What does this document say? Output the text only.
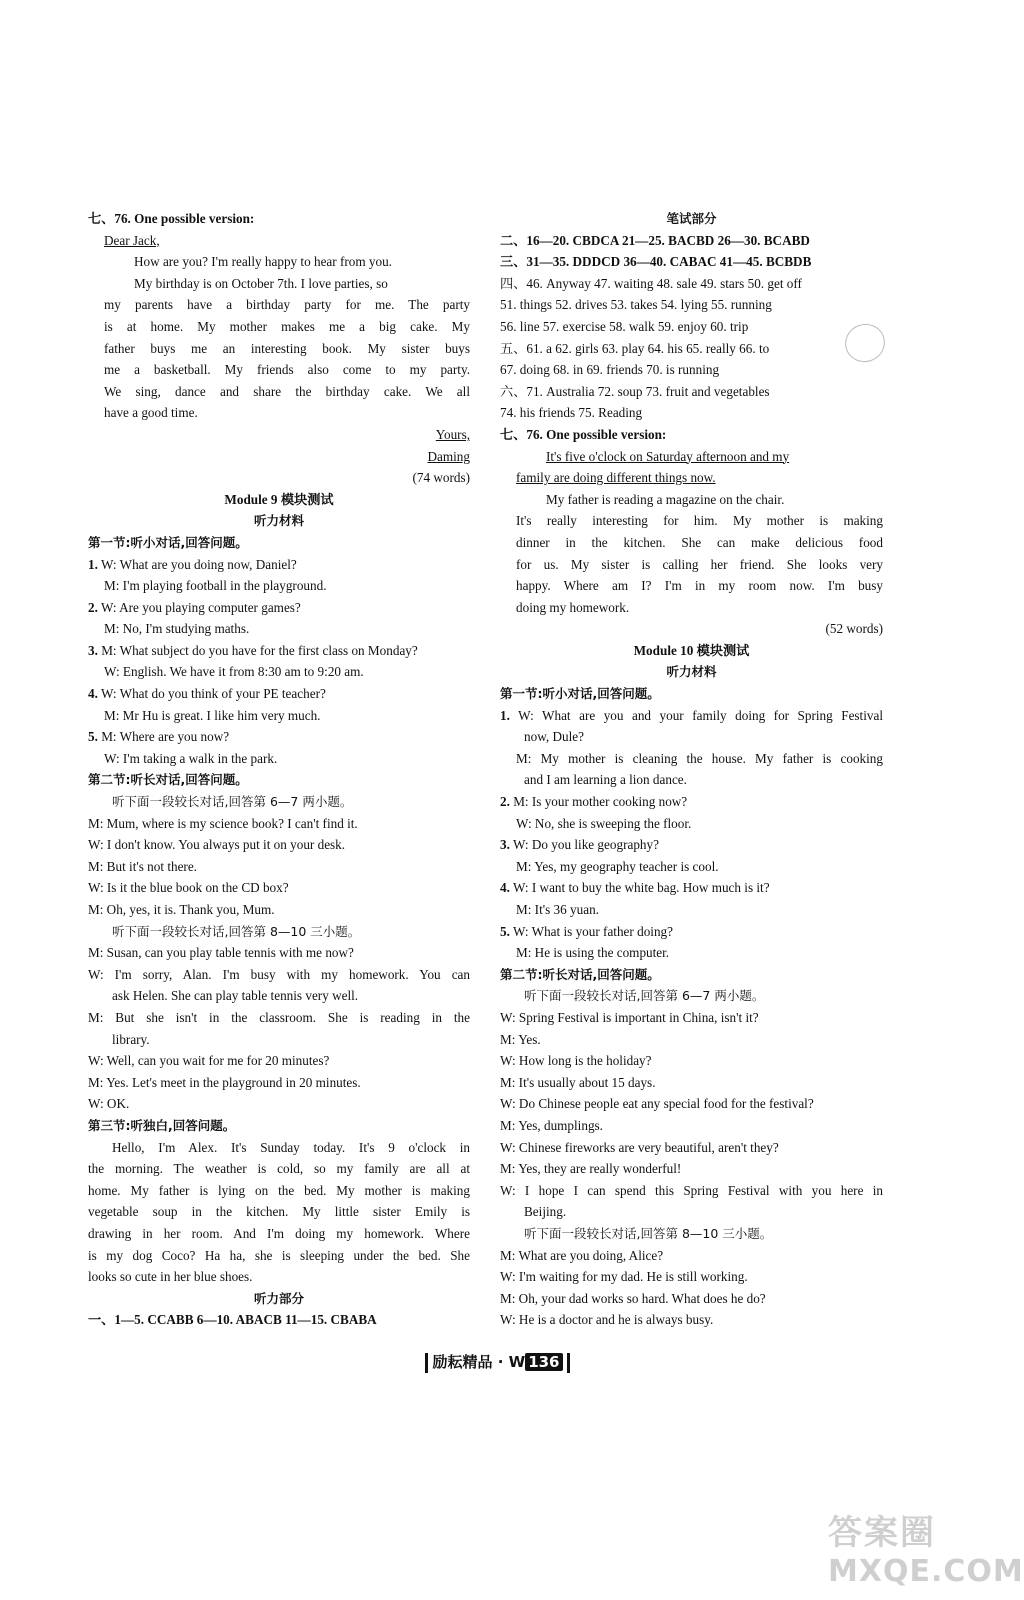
七、76. One possible version:
Dear Jack,
How are you? I'm really happy to hear from you.
My birthday is on October 7th. I love parties, so
my parents have a birthday party for me. The party
is at home. My mother makes me a big cake. My
father buys me an interesting book. My sister buys
me a basketball. My friends also come to my party.
We sing, dance and share the birthday cake. We all
have a good time.
Yours,
Daming
(74 words)
Module 9 模块测试
听力材料
第一节:听小对话,回答问题。
1. W: What are you doing now, Daniel?
M: I'm playing football in the playground.
2. W: Are you playing computer games?
M: No, I'm studying maths.
3. M: What subject do you have for the first class on Monday?
W: English. We have it from 8:30 am to 9:20 am.
4. W: What do you think of your PE teacher?
M: Mr Hu is great. I like him very much.
5. M: Where are you now?
W: I'm taking a walk in the park.
第二节:听长对话,回答问题。
听下面一段较长对话,回答第 6—7 两小题。
M: Mum, where is my science book? I can't find it.
W: I don't know. You always put it on your desk.
M: But it's not there.
W: Is it the blue book on the CD box?
M: Oh, yes, it is. Thank you, Mum.
听下面一段较长对话,回答第 8—10 三小题。
M: Susan, can you play table tennis with me now?
W: I'm sorry, Alan. I'm busy with my homework. You can
ask Helen. She can play table tennis very well.
M: But she isn't in the classroom. She is reading in the
library.
W: Well, can you wait for me for 20 minutes?
M: Yes. Let's meet in the playground in 20 minutes.
W: OK.
第三节:听独白,回答问题。
Hello, I'm Alex. It's Sunday today. It's 9 o'clock in
the morning. The weather is cold, so my family are all at
home. My father is lying on the bed. My mother is making
vegetable soup in the kitchen. My little sister Emily is
drawing in her room. And I'm doing my homework. Where
is my dog Coco? Ha ha, she is sleeping under the bed. She
looks so cute in her blue shoes.
听力部分
一、1—5. CCABB 6—10. ABACB 11—15. CBABA
笔试部分
二、16—20. CBDCA 21—25. BACBD 26—30. BCABD
三、31—35. DDDCD 36—40. CABAC 41—45. BCBDB
四、46. Anyway 47. waiting 48. sale 49. stars 50. get off
51. things 52. drives 53. takes 54. lying 55. running
56. line 57. exercise 58. walk 59. enjoy 60. trip
五、61. a 62. girls 63. play 64. his 65. really 66. to
67. doing 68. in 69. friends 70. is running
六、71. Australia 72. soup 73. fruit and vegetables
74. his friends 75. Reading
七、76. One possible version:
It's five o'clock on Saturday afternoon and my
family are doing different things now.
My father is reading a magazine on the chair.
It's really interesting for him. My mother is making
dinner in the kitchen. She can make delicious food
for us. My sister is calling her friend. She looks very
happy. Where am I? I'm in my room now. I'm busy
doing my homework.
(52 words)
Module 10 模块测试
听力材料
第一节:听小对话,回答问题。
1. W: What are you and your family doing for Spring Festival
now, Dule?
M: My mother is cleaning the house. My father is cooking
and I am learning a lion dance.
2. M: Is your mother cooking now?
W: No, she is sweeping the floor.
3. W: Do you like geography?
M: Yes, my geography teacher is cool.
4. W: I want to buy the white bag. How much is it?
M: It's 36 yuan.
5. W: What is your father doing?
M: He is using the computer.
第二节:听长对话,回答问题。
听下面一段较长对话,回答第 6—7 两小题。
W: Spring Festival is important in China, isn't it?
M: Yes.
W: How long is the holiday?
M: It's usually about 15 days.
W: Do Chinese people eat any special food for the festival?
M: Yes, dumplings.
W: Chinese fireworks are very beautiful, aren't they?
M: Yes, they are really wonderful!
W: I hope I can spend this Spring Festival with you here in
Beijing.
听下面一段较长对话,回答第 8—10 三小题。
M: What are you doing, Alice?
W: I'm waiting for my dad. He is still working.
M: Oh, your dad works so hard. What does he do?
W: He is a doctor and he is always busy.
励耘精品 · W 136
答案圈
MXQE.COM
